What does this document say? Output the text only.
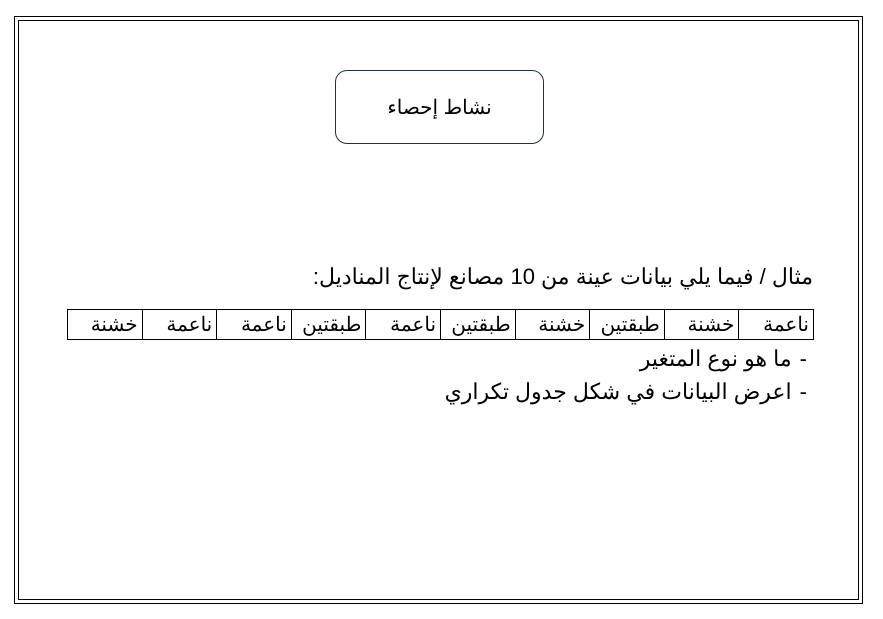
نشاط إحصاء
مثال / فيما يلي بيانات عينة من 10 مصانع لإنتاج المناديل:
ناعمة	خشنة	طبقتين	خشنة	طبقتين	ناعمة	طبقتين	ناعمة	ناعمة	خشنة
-ما هو نوع المتغير
-اعرض البيانات في شكل جدول تكراري
